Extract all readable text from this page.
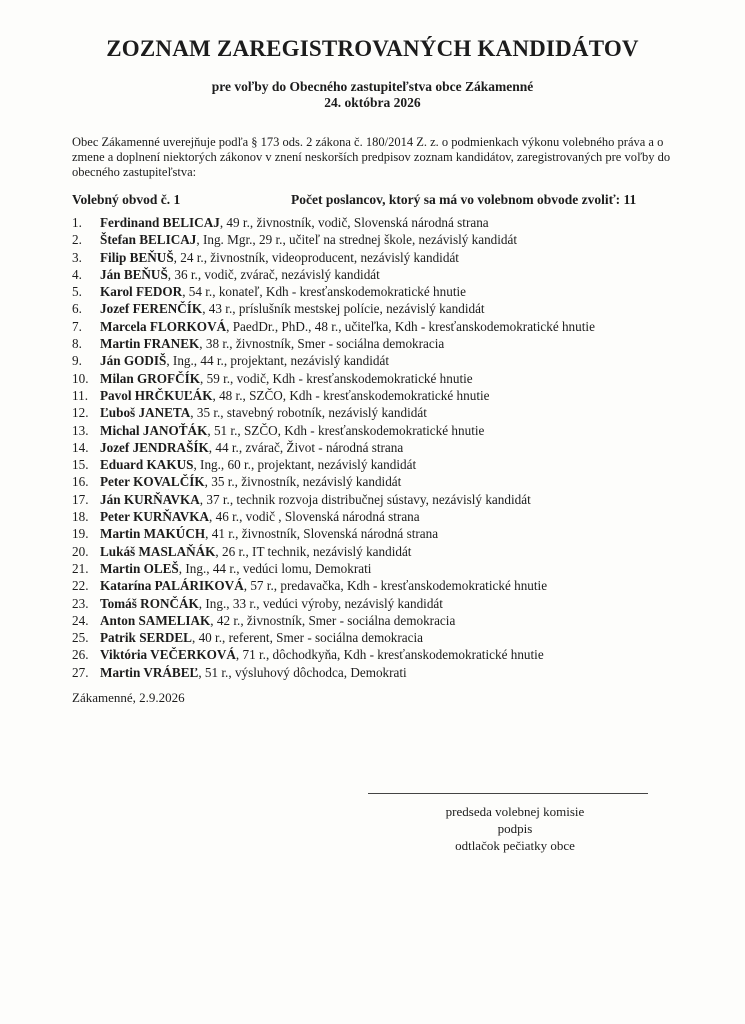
ZOZNAM ZAREGISTROVANÝCH KANDIDÁTOV
pre voľby do Obecného zastupiteľstva obce Zákamenné
24. októbra 2026
Obec Zákamenné uverejňuje podľa § 173 ods. 2 zákona č. 180/2014 Z. z. o podmienkach výkonu volebného práva a o zmene a doplnení niektorých zákonov v znení neskorších predpisov zoznam kandidátov, zaregistrovaných pre voľby do obecného zastupiteľstva:
Volebný obvod č. 1	Počet poslancov, ktorý sa má vo volebnom obvode zvoliť: 11
1.	Ferdinand BELICAJ, 49 r., živnostník, vodič, Slovenská národná strana
2.	Štefan BELICAJ, Ing. Mgr., 29 r., učiteľ na strednej škole, nezávislý kandidát
3.	Filip BEŇUŠ, 24 r., živnostník, videoproducent, nezávislý kandidát
4.	Ján BEŇUŠ, 36 r., vodič, zvárač, nezávislý kandidát
5.	Karol FEDOR, 54 r., konateľ, Kdh - kresťanskodemokratické hnutie
6.	Jozef FERENČÍK, 43 r., príslušník mestskej polície, nezávislý kandidát
7.	Marcela FLORKOVÁ, PaedDr., PhD., 48 r., učiteľka, Kdh - kresťanskodemokratické hnutie
8.	Martin FRANEK, 38 r., živnostník, Smer - sociálna demokracia
9.	Ján GODIŠ, Ing., 44 r., projektant, nezávislý kandidát
10. Milan GROFČÍK, 59 r., vodič, Kdh - kresťanskodemokratické hnutie
11. Pavol HRČKUĽÁK, 48 r., SZČO, Kdh - kresťanskodemokratické hnutie
12. Ľuboš JANETA, 35 r., stavebný robotník, nezávislý kandidát
13. Michal JANOŤÁK, 51 r., SZČO, Kdh - kresťanskodemokratické hnutie
14. Jozef JENDRAŠÍK, 44 r., zvárač, Život - národná strana
15. Eduard KAKUS, Ing., 60 r., projektant, nezávislý kandidát
16. Peter KOVALČÍK, 35 r., živnostník, nezávislý kandidát
17. Ján KURŇAVKA, 37 r., technik rozvoja distribučnej sústavy, nezávislý kandidát
18. Peter KURŇAVKA, 46 r., vodič , Slovenská národná strana
19. Martin MAKÚCH, 41 r., živnostník, Slovenská národná strana
20. Lukáš MASLAŇÁK, 26 r., IT technik, nezávislý kandidát
21. Martin OLEŠ, Ing., 44 r., vedúci lomu, Demokrati
22. Katarína PALÁRIKOVÁ, 57 r., predavačka, Kdh - kresťanskodemokratické hnutie
23. Tomáš RONČÁK, Ing., 33 r., vedúci výroby, nezávislý kandidát
24. Anton SAMELIAK, 42 r., živnostník, Smer - sociálna demokracia
25. Patrik SERDEL, 40 r., referent, Smer - sociálna demokracia
26. Viktória VEČERKOVÁ, 71 r., dôchodkyňa, Kdh - kresťanskodemokratické hnutie
27. Martin VRÁBEĽ, 51 r., výsluhový dôchodca, Demokrati
Zákamenné, 2.9.2026
predseda volebnej komisie
podpis
odtlačok pečiatky obce
